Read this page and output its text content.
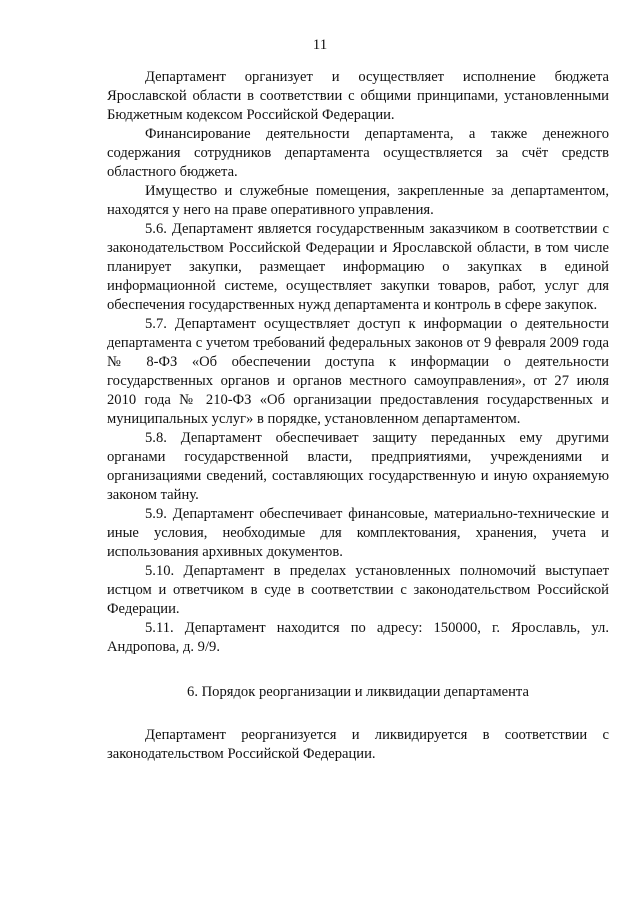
11

Департамент организует и осуществляет исполнение бюджета Ярославской области в соответствии с общими принципами, установленными Бюджетным кодексом Российской Федерации.

Финансирование деятельности департамента, а также денежного содержания сотрудников департамента осуществляется за счёт средств областного бюджета.

Имущество и служебные помещения, закрепленные за департаментом, находятся у него на праве оперативного управления.

5.6. Департамент является государственным заказчиком в соответствии с законодательством Российской Федерации и Ярославской области, в том числе планирует закупки, размещает информацию о закупках в единой информационной системе, осуществляет закупки товаров, работ, услуг для обеспечения государственных нужд департамента и контроль в сфере закупок.

5.7. Департамент осуществляет доступ к информации о деятельности департамента с учетом требований федеральных законов от 9 февраля 2009 года № 8-ФЗ «Об обеспечении доступа к информации о деятельности государственных органов и органов местного самоуправления», от 27 июля 2010 года № 210-ФЗ «Об организации предоставления государственных и муниципальных услуг» в порядке, установленном департаментом.

5.8. Департамент обеспечивает защиту переданных ему другими органами государственной власти, предприятиями, учреждениями и организациями сведений, составляющих государственную и иную охраняемую законом тайну.

5.9. Департамент обеспечивает финансовые, материально-технические и иные условия, необходимые для комплектования, хранения, учета и использования архивных документов.

5.10. Департамент в пределах установленных полномочий выступает истцом и ответчиком в суде в соответствии с законодательством Российской Федерации.

5.11. Департамент находится по адресу: 150000, г. Ярославль, ул. Андропова, д. 9/9.

6. Порядок реорганизации и ликвидации департамента

Департамент реорганизуется и ликвидируется в соответствии с законодательством Российской Федерации.
